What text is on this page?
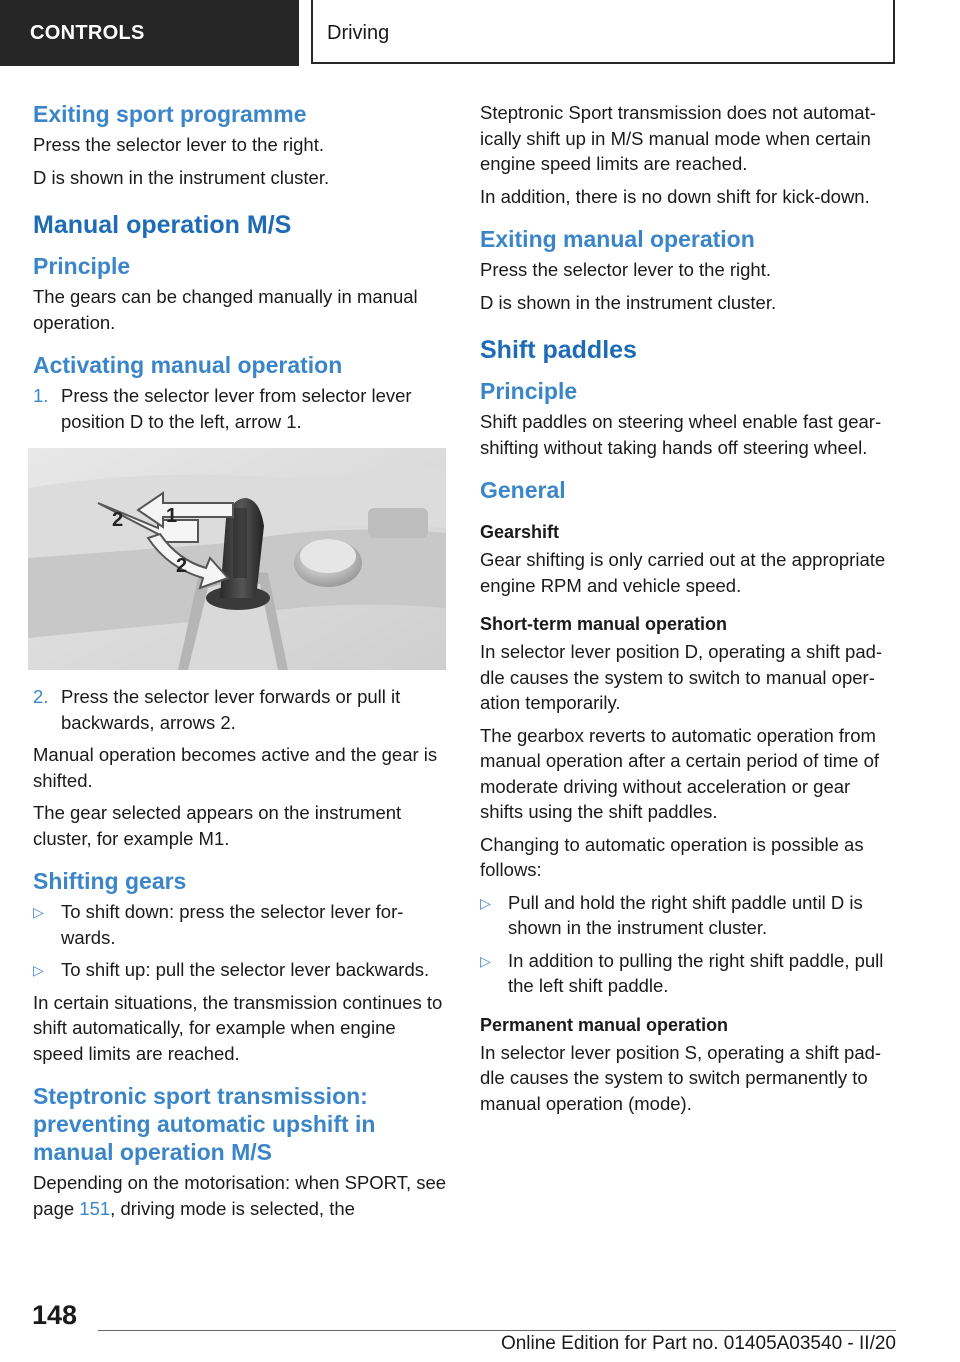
CONTROLS	Driving
Exiting sport programme

Press the selector lever to the right.

D is shown in the instrument cluster.

Manual operation M/S
Principle

The gears can be changed manually in manual operation.

Activating manual operation
1. Press the selector lever from selector lever position D to the left, arrow 1.
2 1
2
2. Press the selector lever forwards or pull it backwards, arrows 2.

Manual operation becomes active and the gear is shifted.

The gear selected appears on the instrument cluster, for example M1.

Shifting gears
▷ To shift down: press the selector lever forwards.
▷ To shift up: pull the selector lever backwards.

In certain situations, the transmission continues to shift automatically, for example when engine speed limits are reached.

Steptronic sport transmission: preventing automatic upshift in manual operation M/S

Depending on the motorisation: when SPORT, see page 151, driving mode is selected, the

Steptronic Sport transmission does not automatically shift up in M/S manual mode when certain engine speed limits are reached.

In addition, there is no down shift for kick-down.

Exiting manual operation

Press the selector lever to the right.

D is shown in the instrument cluster.

Shift paddles
Principle

Shift paddles on steering wheel enable fast gearshifting without taking hands off steering wheel.

General
Gearshift

Gear shifting is only carried out at the appropriate engine RPM and vehicle speed.

Short-term manual operation

In selector lever position D, operating a shift paddle causes the system to switch to manual operation temporarily.

The gearbox reverts to automatic operation from manual operation after a certain period of time of moderate driving without acceleration or gear shifts using the shift paddles.

Changing to automatic operation is possible as follows:

▷ Pull and hold the right shift paddle until D is shown in the instrument cluster.
▷ In addition to pulling the right shift paddle, pull the left shift paddle.
Permanent manual operation

In selector lever position S, operating a shift paddle causes the system to switch permanently to manual operation (mode).

148
Online Edition for Part no. 01405A03540 - II/20
